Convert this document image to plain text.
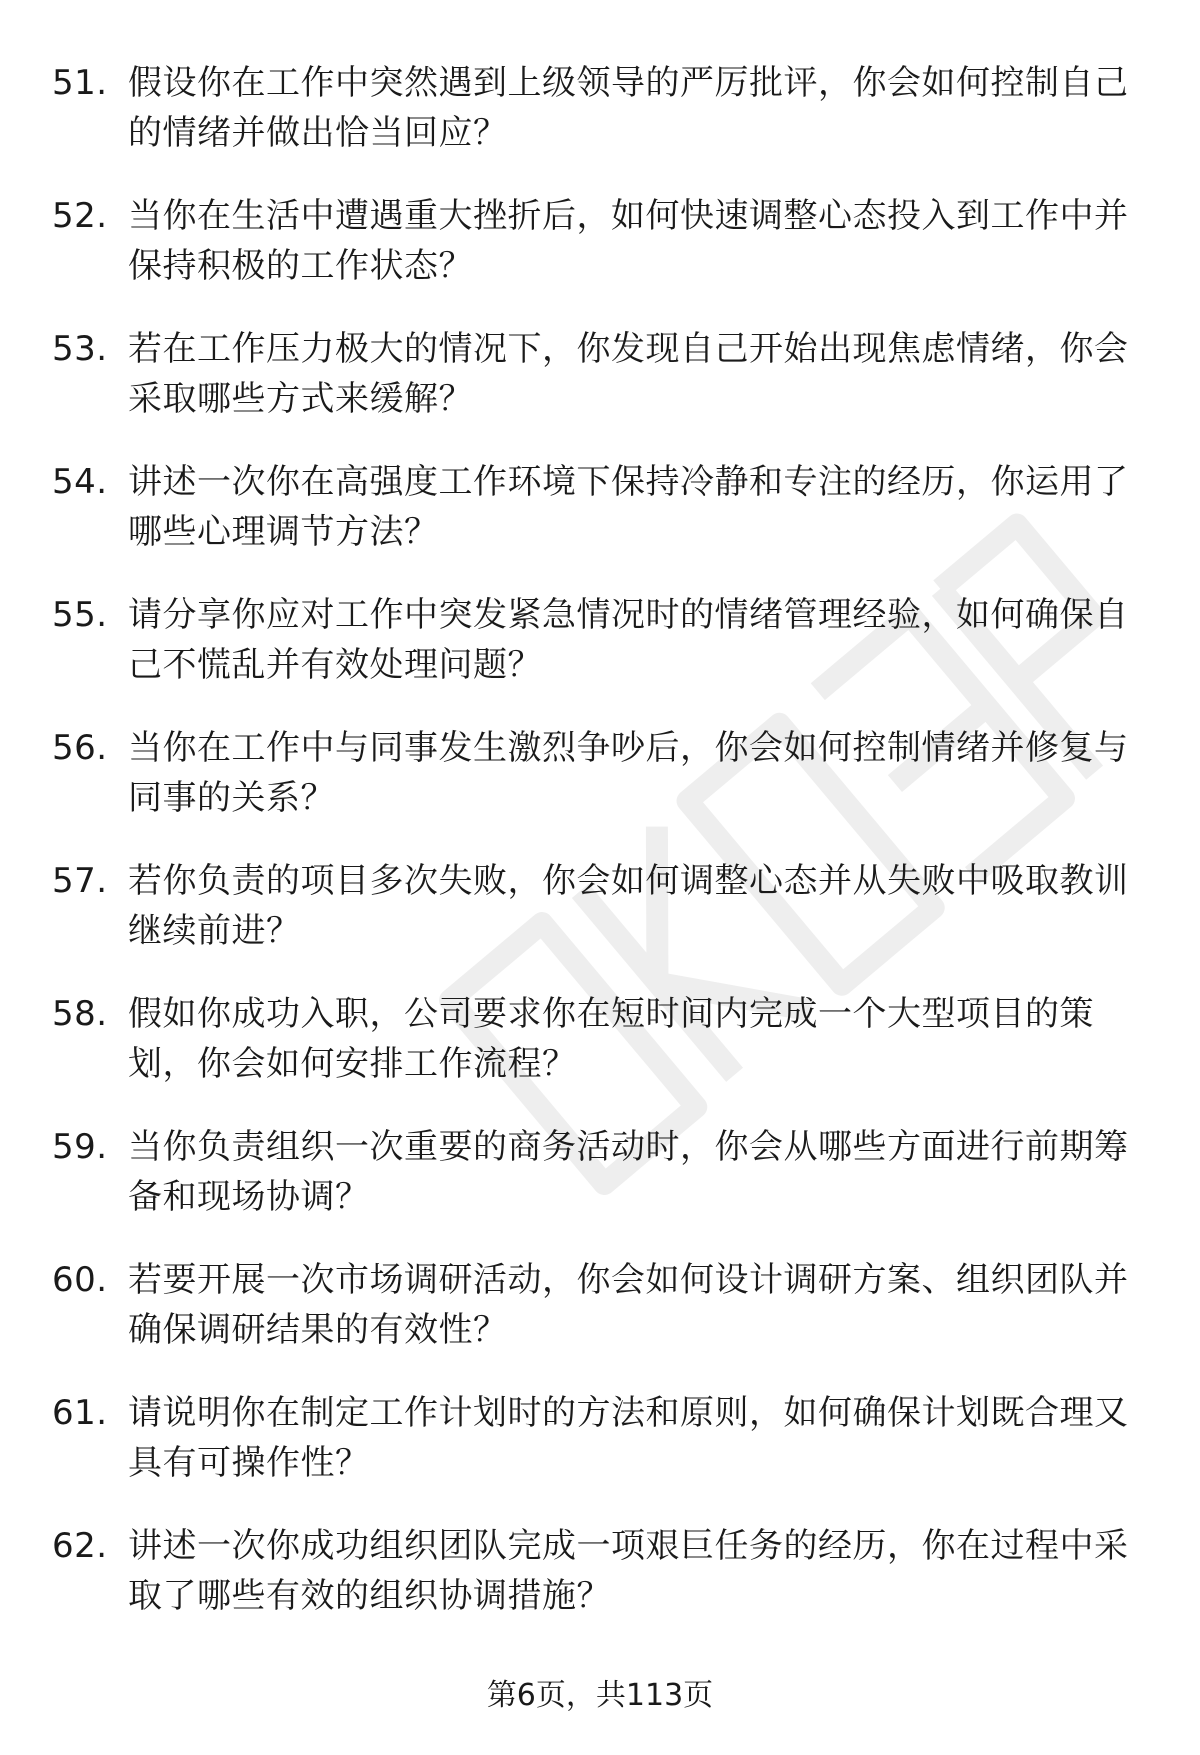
51. 假设你在工作中突然遇到上级领导的严厉批评，你会如何控制自己的情绪并做出恰当回应？
52. 当你在生活中遭遇重大挫折后，如何快速调整心态投入到工作中并保持积极的工作状态？
53. 若在工作压力极大的情况下，你发现自己开始出现焦虑情绪，你会采取哪些方式来缓解？
54. 讲述一次你在高强度工作环境下保持冷静和专注的经历，你运用了哪些心理调节方法？
55. 请分享你应对工作中突发紧急情况时的情绪管理经验，如何确保自己不慌乱并有效处理问题？
56. 当你在工作中与同事发生激烈争吵后，你会如何控制情绪并修复与同事的关系？
57. 若你负责的项目多次失败，你会如何调整心态并从失败中吸取教训继续前进？
58. 假如你成功入职，公司要求你在短时间内完成一个大型项目的策划，你会如何安排工作流程？
59. 当你负责组织一次重要的商务活动时，你会从哪些方面进行前期筹备和现场协调？
60. 若要开展一次市场调研活动，你会如何设计调研方案、组织团队并确保调研结果的有效性？
61. 请说明你在制定工作计划时的方法和原则，如何确保计划既合理又具有可操作性？
62. 讲述一次你成功组织团队完成一项艰巨任务的经历，你在过程中采取了哪些有效的组织协调措施？
第6页，共113页
